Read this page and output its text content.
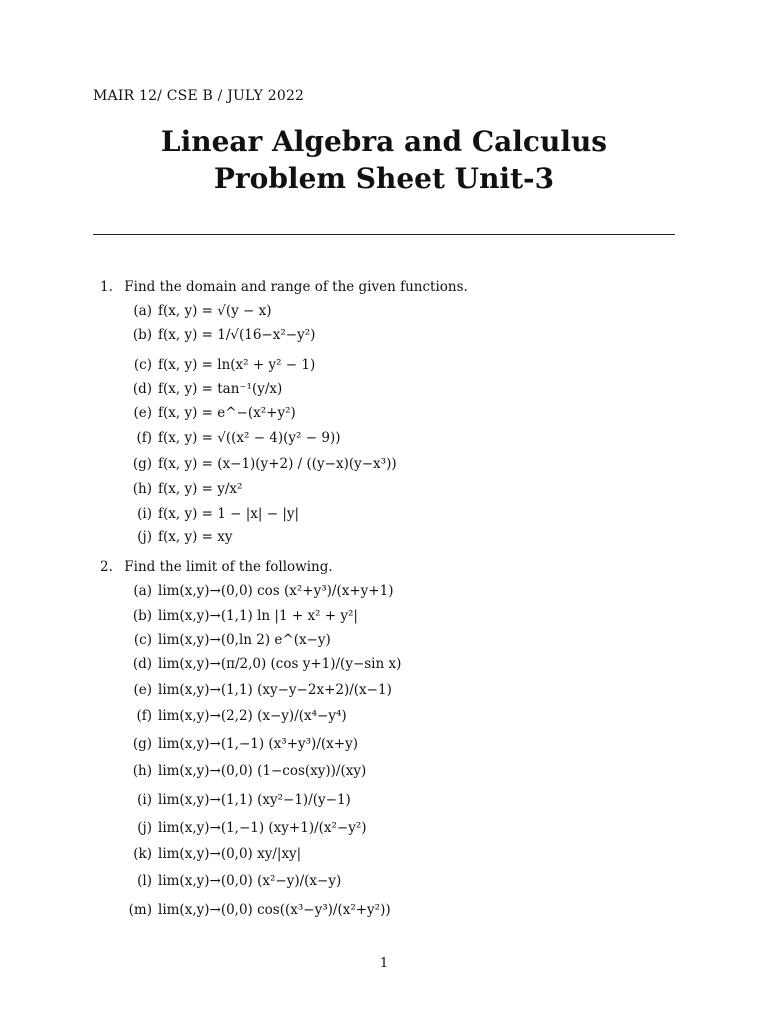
MAIR 12/ CSE B / JULY 2022
Linear Algebra and Calculus
Problem Sheet Unit-3
1. Find the domain and range of the given functions.
(a) f(x, y) = √(y − x)
(b) f(x, y) = 1/√(16−x²−y²)
(c) f(x, y) = ln(x² + y² − 1)
(d) f(x, y) = tan⁻¹(y/x)
(e) f(x, y) = e^−(x²+y²)
(f) f(x, y) = √((x² − 4)(y² − 9))
(g) f(x, y) = (x−1)(y+2) / ((y−x)(y−x³))
(h) f(x, y) = y/x²
(i) f(x, y) = 1 − |x| − |y|
(j) f(x, y) = xy
2. Find the limit of the following.
(a) lim(x,y)→(0,0) cos (x²+y³)/(x+y+1)
(b) lim(x,y)→(1,1) ln |1 + x² + y²|
(c) lim(x,y)→(0,ln 2) e^(x−y)
(d) lim(x,y)→(π/2,0) (cos y+1)/(y−sin x)
(e) lim(x,y)→(1,1) (xy−y−2x+2)/(x−1)
(f) lim(x,y)→(2,2) (x−y)/(x⁴−y⁴)
(g) lim(x,y)→(1,−1) (x³+y³)/(x+y)
(h) lim(x,y)→(0,0) (1−cos(xy))/(xy)
(i) lim(x,y)→(1,1) (xy²−1)/(y−1)
(j) lim(x,y)→(1,−1) (xy+1)/(x²−y²)
(k) lim(x,y)→(0,0) xy/|xy|
(l) lim(x,y)→(0,0) (x²−y)/(x−y)
(m) lim(x,y)→(0,0) cos((x³−y³)/(x²+y²))
1
